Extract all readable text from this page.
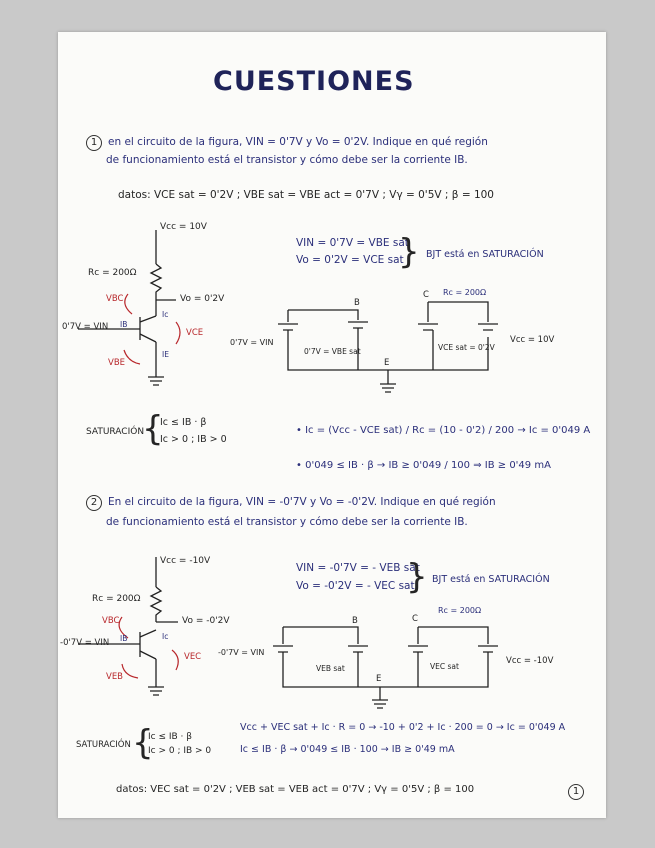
CUESTIONES
1 en el circuito de la figura, VIN = 0'7V y Vo = 0'2V. Indique en qué región
de funcionamiento está el transistor y cómo debe ser la corriente IB.
datos: VCE sat = 0'2V ; VBE sat = VBE act = 0'7V ; Vγ = 0'5V ; β = 100
Vcc = 10V
Rc = 200Ω
Vo = 0'2V
0'7V = VIN
VBC
VCE
VBE
Ic
IB
IE
VIN = 0'7V = VBE sat
Vo = 0'2V = VCE sat
} BJT está en SATURACIÓN
B
C
E
Rc = 200Ω
0'7V = VIN
0'7V = VBE sat	VCE sat = 0'2V
Vcc = 10V
SATURACIÓN
{
Ic ≤ IB · β
Ic > 0 ; IB > 0
• Ic = (Vcc - VCE sat) / Rc = (10 - 0'2) / 200 → Ic = 0'049 A
• 0'049 ≤ IB · β → IB ≥ 0'049 / 100 ⇒ IB ≥ 0'49 mA
2 En el circuito de la figura, VIN = -0'7V y Vo = -0'2V. Indique en qué región
de funcionamiento está el transistor y cómo debe ser la corriente IB.
Vcc = -10V
Rc = 200Ω
Vo = -0'2V
-0'7V = VIN
VBC
VEC
VEB
Ic
IB
VIN = -0'7V = - VEB sat
Vo = -0'2V = - VEC sat
} BJT está en SATURACIÓN
B	C
E
Rc = 200Ω
-0'7V = VIN
VEB sat	VEC sat
Vcc = -10V
Vcc + VEC sat + Ic · R = 0 → -10 + 0'2 + Ic · 200 = 0 → Ic = 0'049 A
SATURACIÓN {
Ic ≤ IB · β
Ic > 0 ; IB > 0	Ic ≤ IB · β → 0'049 ≤ IB · 100 → IB ≥ 0'49 mA
datos: VEC sat = 0'2V ; VEB sat = VEB act = 0'7V ; Vγ = 0'5V ; β = 100	1
